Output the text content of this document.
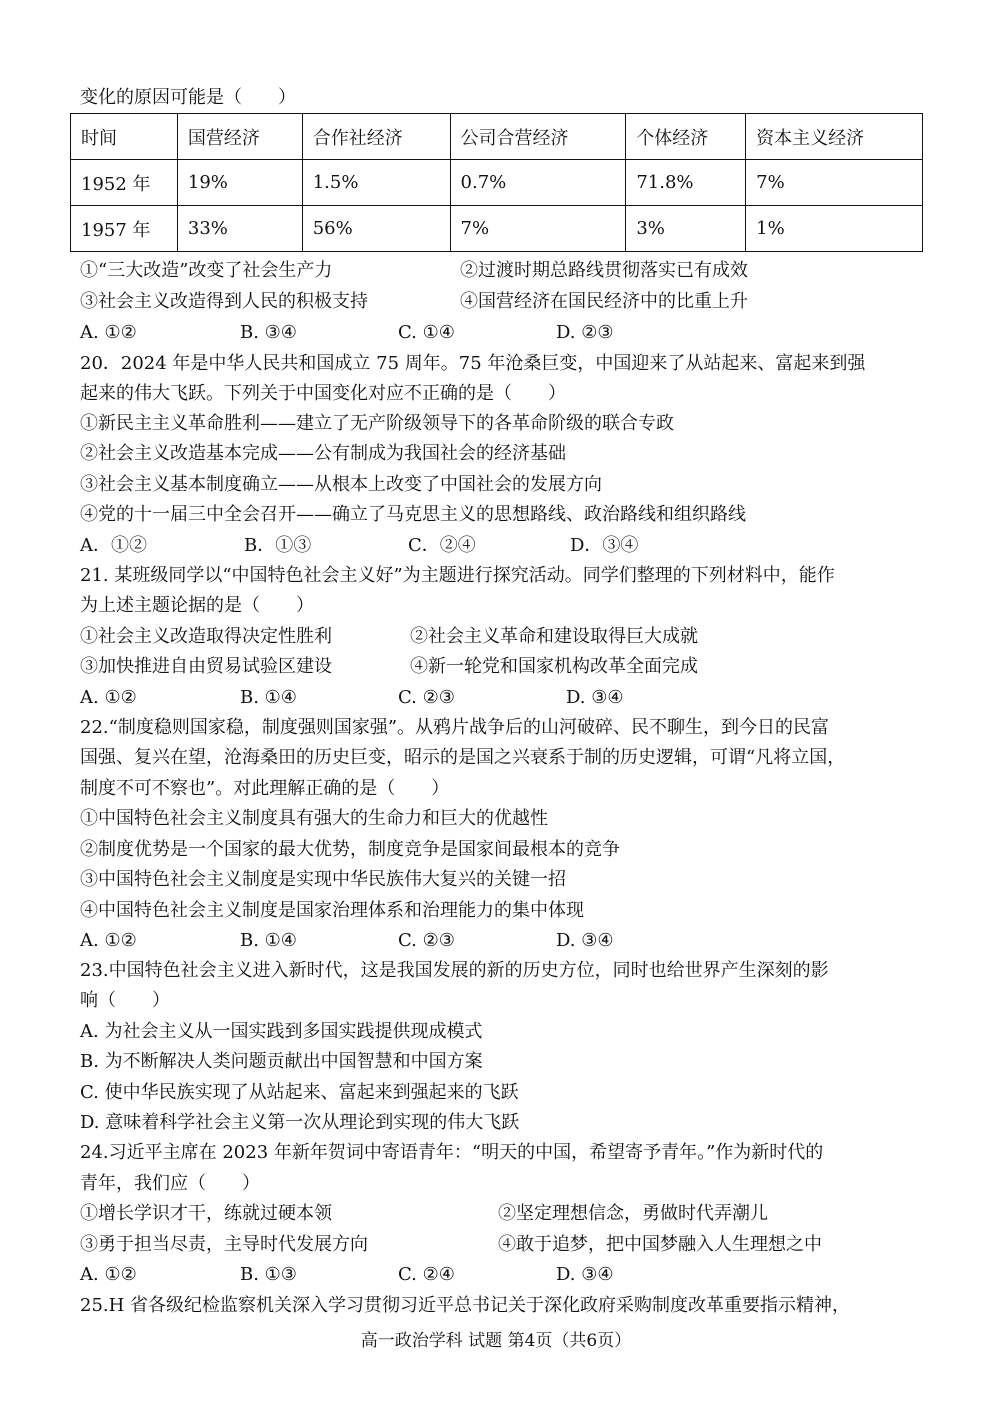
变化的原因可能是（　　）
时间	国营经济	合作社经济	公司合营经济	个体经济	资本主义经济
1952 年	19%	1.5%	0.7%	71.8%	7%
1957 年	33%	56%	7%	3%	1%
①“三大改造”改变了社会生产力	②过渡时期总路线贯彻落实已有成效
③社会主义改造得到人民的积极支持	④国营经济在国民经济中的比重上升
A. ①②	B. ③④	C. ①④	D. ②③
20．2024 年是中华人民共和国成立 75 周年。75 年沧桑巨变，中国迎来了从站起来、富起来到强
起来的伟大飞跃。下列关于中国变化对应不正确的是（　　）
①新民主主义革命胜利——建立了无产阶级领导下的各革命阶级的联合专政
②社会主义改造基本完成——公有制成为我国社会的经济基础
③社会主义基本制度确立——从根本上改变了中国社会的发展方向
④党的十一届三中全会召开——确立了马克思主义的思想路线、政治路线和组织路线
A．①②	B．①③	C．②④	D．③④
21. 某班级同学以“中国特色社会主义好”为主题进行探究活动。同学们整理的下列材料中，能作
为上述主题论据的是（　　）
①社会主义改造取得决定性胜利	②社会主义革命和建设取得巨大成就
③加快推进自由贸易试验区建设	④新一轮党和国家机构改革全面完成
A. ①②	B. ①④	C. ②③	D. ③④
22.“制度稳则国家稳，制度强则国家强”。从鸦片战争后的山河破碎、民不聊生，到今日的民富
国强、复兴在望，沧海桑田的历史巨变，昭示的是国之兴衰系于制的历史逻辑，可谓“凡将立国，
制度不可不察也”。对此理解正确的是（　　）
①中国特色社会主义制度具有强大的生命力和巨大的优越性
②制度优势是一个国家的最大优势，制度竞争是国家间最根本的竞争
③中国特色社会主义制度是实现中华民族伟大复兴的关键一招
④中国特色社会主义制度是国家治理体系和治理能力的集中体现
A. ①②	B. ①④	C. ②③	D. ③④
23.中国特色社会主义进入新时代，这是我国发展的新的历史方位，同时也给世界产生深刻的影
响（　　）
A. 为社会主义从一国实践到多国实践提供现成模式
B. 为不断解决人类问题贡献出中国智慧和中国方案
C. 使中华民族实现了从站起来、富起来到强起来的飞跃
D. 意味着科学社会主义第一次从理论到实现的伟大飞跃
24.习近平主席在 2023 年新年贺词中寄语青年：“明天的中国，希望寄予青年。”作为新时代的
青年，我们应（　　）
①增长学识才干，练就过硬本领	②坚定理想信念，勇做时代弄潮儿
③勇于担当尽责，主导时代发展方向	④敢于追梦，把中国梦融入人生理想之中
A. ①②	B. ①③	C. ②④	D. ③④
25.H 省各级纪检监察机关深入学习贯彻习近平总书记关于深化政府采购制度改革重要指示精神，
高一政治学科 试题 第4页（共6页）
